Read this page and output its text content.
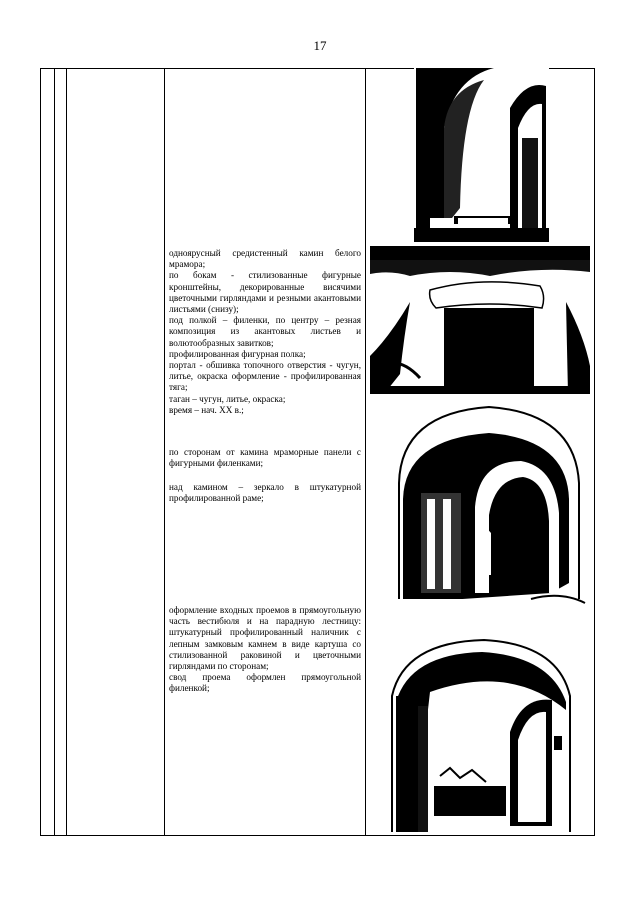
17

одноярусный средистенный камин белого мрамора;

по бокам - стилизованные фигурные кронштейны, декорированные висячими цветочными гирляндами и резными акантовыми листьями (снизу);

под полкой – филенки, по центру – резная композиция из акантовых листьев и волютообразных завитков;

профилированная фигурная полка;

портал - обшивка топочного отверстия - чугун, литье, окраска оформление - профилированная тяга;

таган – чугун, литье, окраска;

время – нач. XX в.;

по сторонам от камина мраморные панели с фигурными филенками;

над камином – зеркало в штукатурной профилированной раме;

оформление входных проемов в прямоугольную часть вестибюля и на парадную лестницу: штукатурный профилированный наличник с лепным замковым камнем в виде картуша со стилизованной раковиной и цветочными гирляндами по сторонам;

свод проема оформлен прямоугольной филенкой;
